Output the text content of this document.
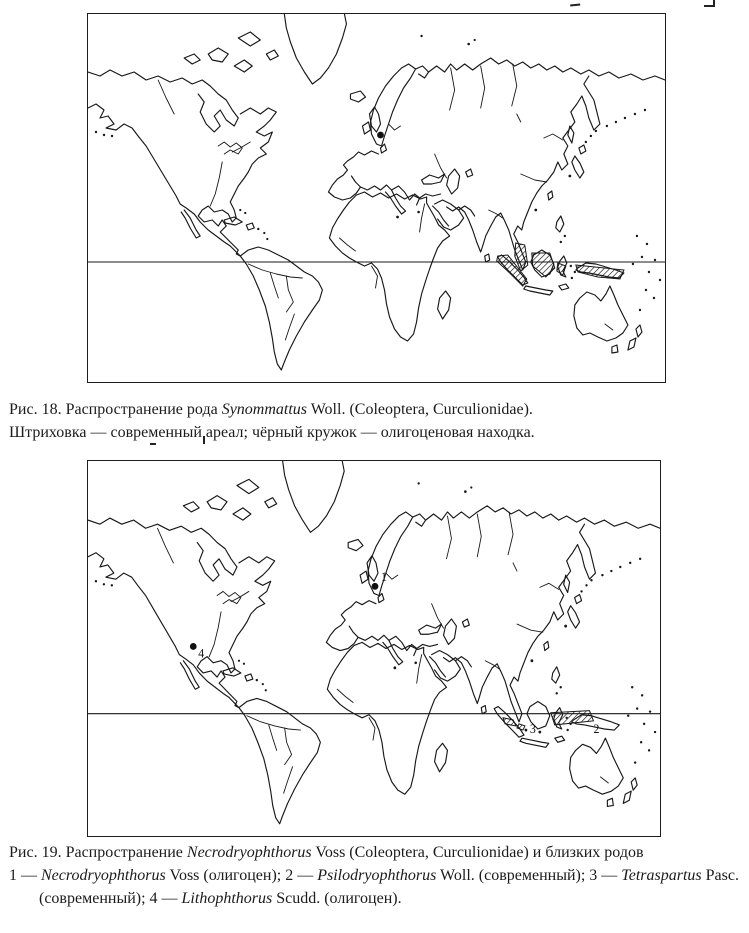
Рис. 18. Распространение рода Synommattus Woll. (Coleoptera, Curculionidae).
Штриховка — современный ареал; чёрный кружок — олигоценовая находка.

1
4
3	2

Рис. 19. Распространение Necrodryophthorus Voss (Coleoptera, Curculionidae) и близких родов
1 — Necrodryophthorus Voss (олигоцен); 2 — Psilodryophthorus Woll. (современный); 3 — Tetraspartus Pasc. (современный); 4 — Lithophthorus Scudd. (олигоцен).
